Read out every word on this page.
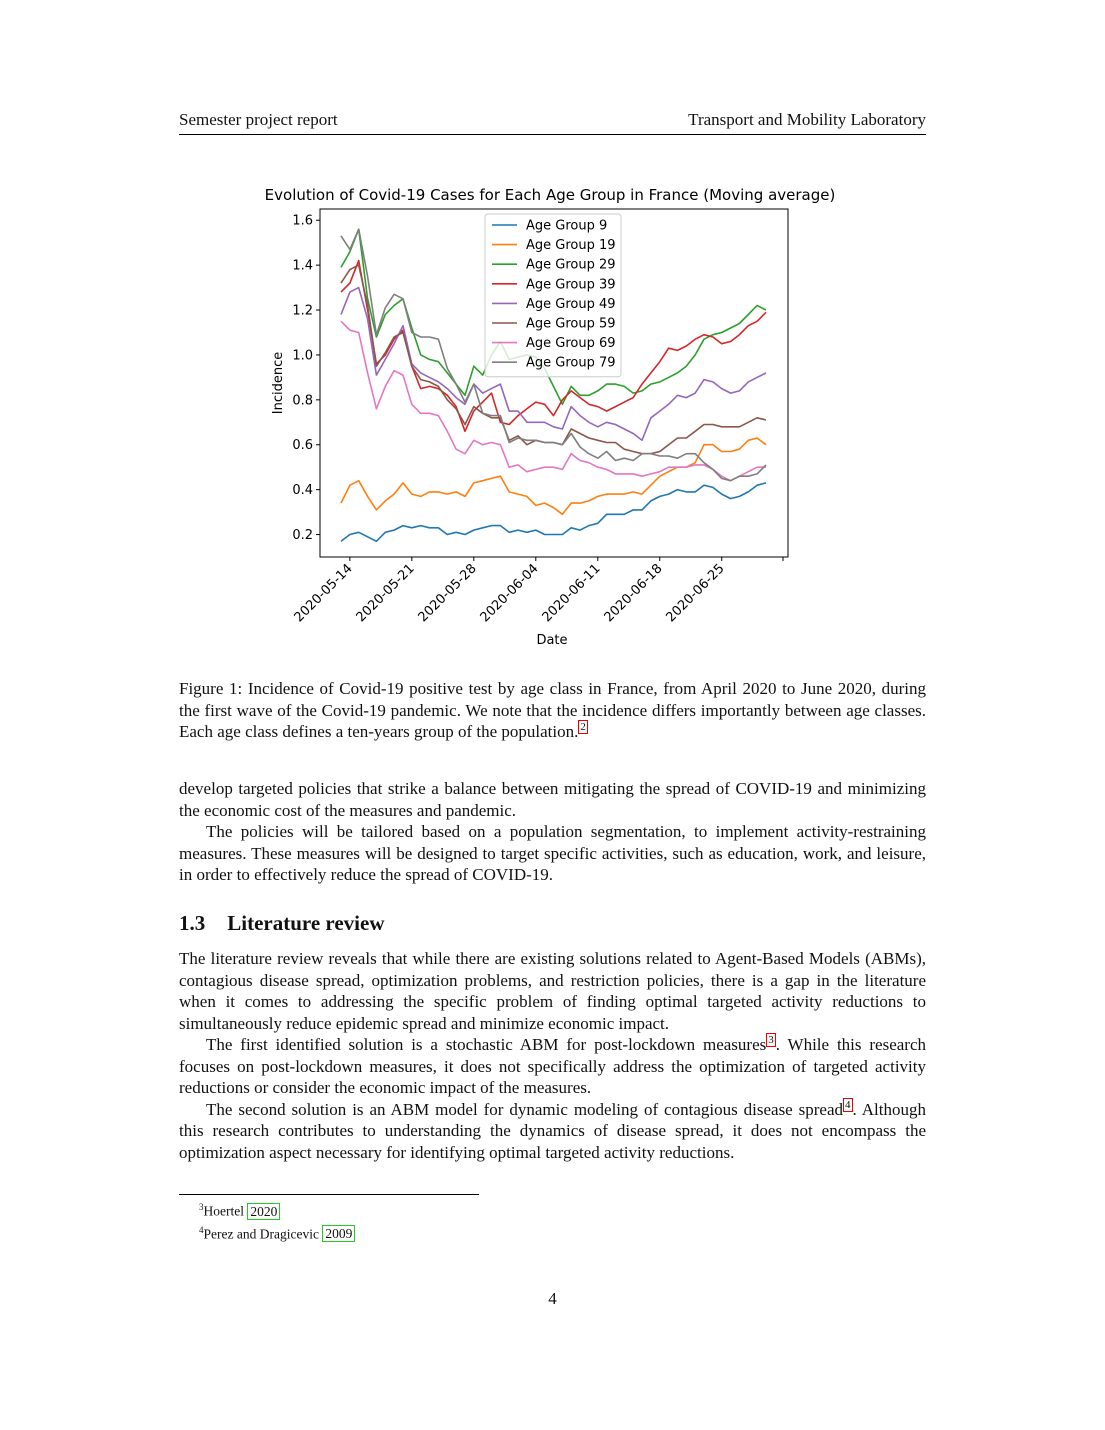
Semester project report	Transport and Mobility Laboratory
Evolution of Covid-19 Cases for Each Age Group in France (Moving average)
0.2
0.4
0.6
0.8
1.0
1.2
1.4
1.6
2020-05-14
2020-05-21
2020-05-28
2020-06-04
2020-06-11
2020-06-18
2020-06-25
Date
Incidence
Age Group 9
Age Group 19
Age Group 29
Age Group 39
Age Group 49
Age Group 59
Age Group 69
Age Group 79
Figure 1: Incidence of Covid-19 positive test by age class in France, from April 2020 to June 2020, during the first wave of the Covid-19 pandemic. We note that the incidence differs importantly between age classes. Each age class defines a ten-years group of the population. $^2$

develop targeted policies that strike a balance between mitigating the spread of COVID-19 and minimizing the economic cost of the measures and pandemic.

The policies will be tailored based on a population segmentation, to implement activity-restraining measures. These measures will be designed to target specific activities, such as education, work, and leisure, in order to effectively reduce the spread of COVID-19.

1.3 Literature review

The literature review reveals that while there are existing solutions related to Agent-Based Models (ABMs), contagious disease spread, optimization problems, and restriction policies, there is a gap in the literature when it comes to addressing the specific problem of finding optimal targeted activity reductions to simultaneously reduce epidemic spread and minimize economic impact.

The first identified solution is a stochastic ABM for post-lockdown measures $^3$ . While this research focuses on post-lockdown measures, it does not specifically address the optimization of targeted activity reductions or consider the economic impact of the measures.

The second solution is an ABM model for dynamic modeling of contagious disease spread $^4$ . Although this research contributes to understanding the dynamics of disease spread, it does not encompass the optimization aspect necessary for identifying optimal targeted activity reductions.

$^3$Hoertel 2020
$^4$Perez and Dragicevic 2009
4
